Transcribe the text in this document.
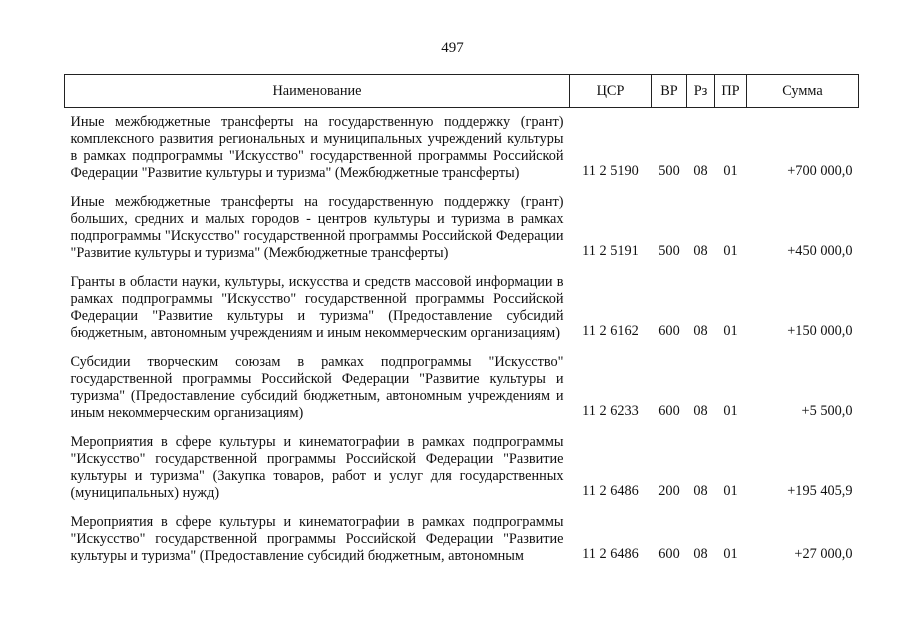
497
Наименование	ЦСР	ВР	Рз	ПР	Сумма
Иные межбюджетные трансферты на государственную поддержку (грант) комплексного развития региональных и муниципальных учреждений культуры в рамках подпрограммы "Искусство" государственной программы Российской Федерации "Развитие культуры и туризма" (Межбюджетные трансферты)	11 2 5190	500	08	01	+700 000,0
Иные межбюджетные трансферты на государственную поддержку (грант) больших, средних и малых городов - центров культуры и туризма в рамках подпрограммы "Искусство" государственной программы Российской Федерации "Развитие культуры и туризма" (Межбюджетные трансферты)	11 2 5191	500	08	01	+450 000,0
Гранты в области науки, культуры, искусства и средств массовой информации в рамках подпрограммы "Искусство" государственной программы Российской Федерации "Развитие культуры и туризма" (Предоставление субсидий бюджетным, автономным учреждениям и иным некоммерческим организациям)	11 2 6162	600	08	01	+150 000,0
Субсидии творческим союзам в рамках подпрограммы "Искусство" государственной программы Российской Федерации "Развитие культуры и туризма" (Предоставление субсидий бюджетным, автономным учреждениям и иным некоммерческим организациям)	11 2 6233	600	08	01	+5 500,0
Мероприятия в сфере культуры и кинематографии в рамках подпрограммы "Искусство" государственной программы Российской Федерации "Развитие культуры и туризма" (Закупка товаров, работ и услуг для государственных (муниципальных) нужд)	11 2 6486	200	08	01	+195 405,9
Мероприятия в сфере культуры и кинематографии в рамках подпрограммы "Искусство" государственной программы Российской Федерации "Развитие культуры и туризма" (Предоставление субсидий бюджетным, автономным	11 2 6486	600	08	01	+27 000,0
